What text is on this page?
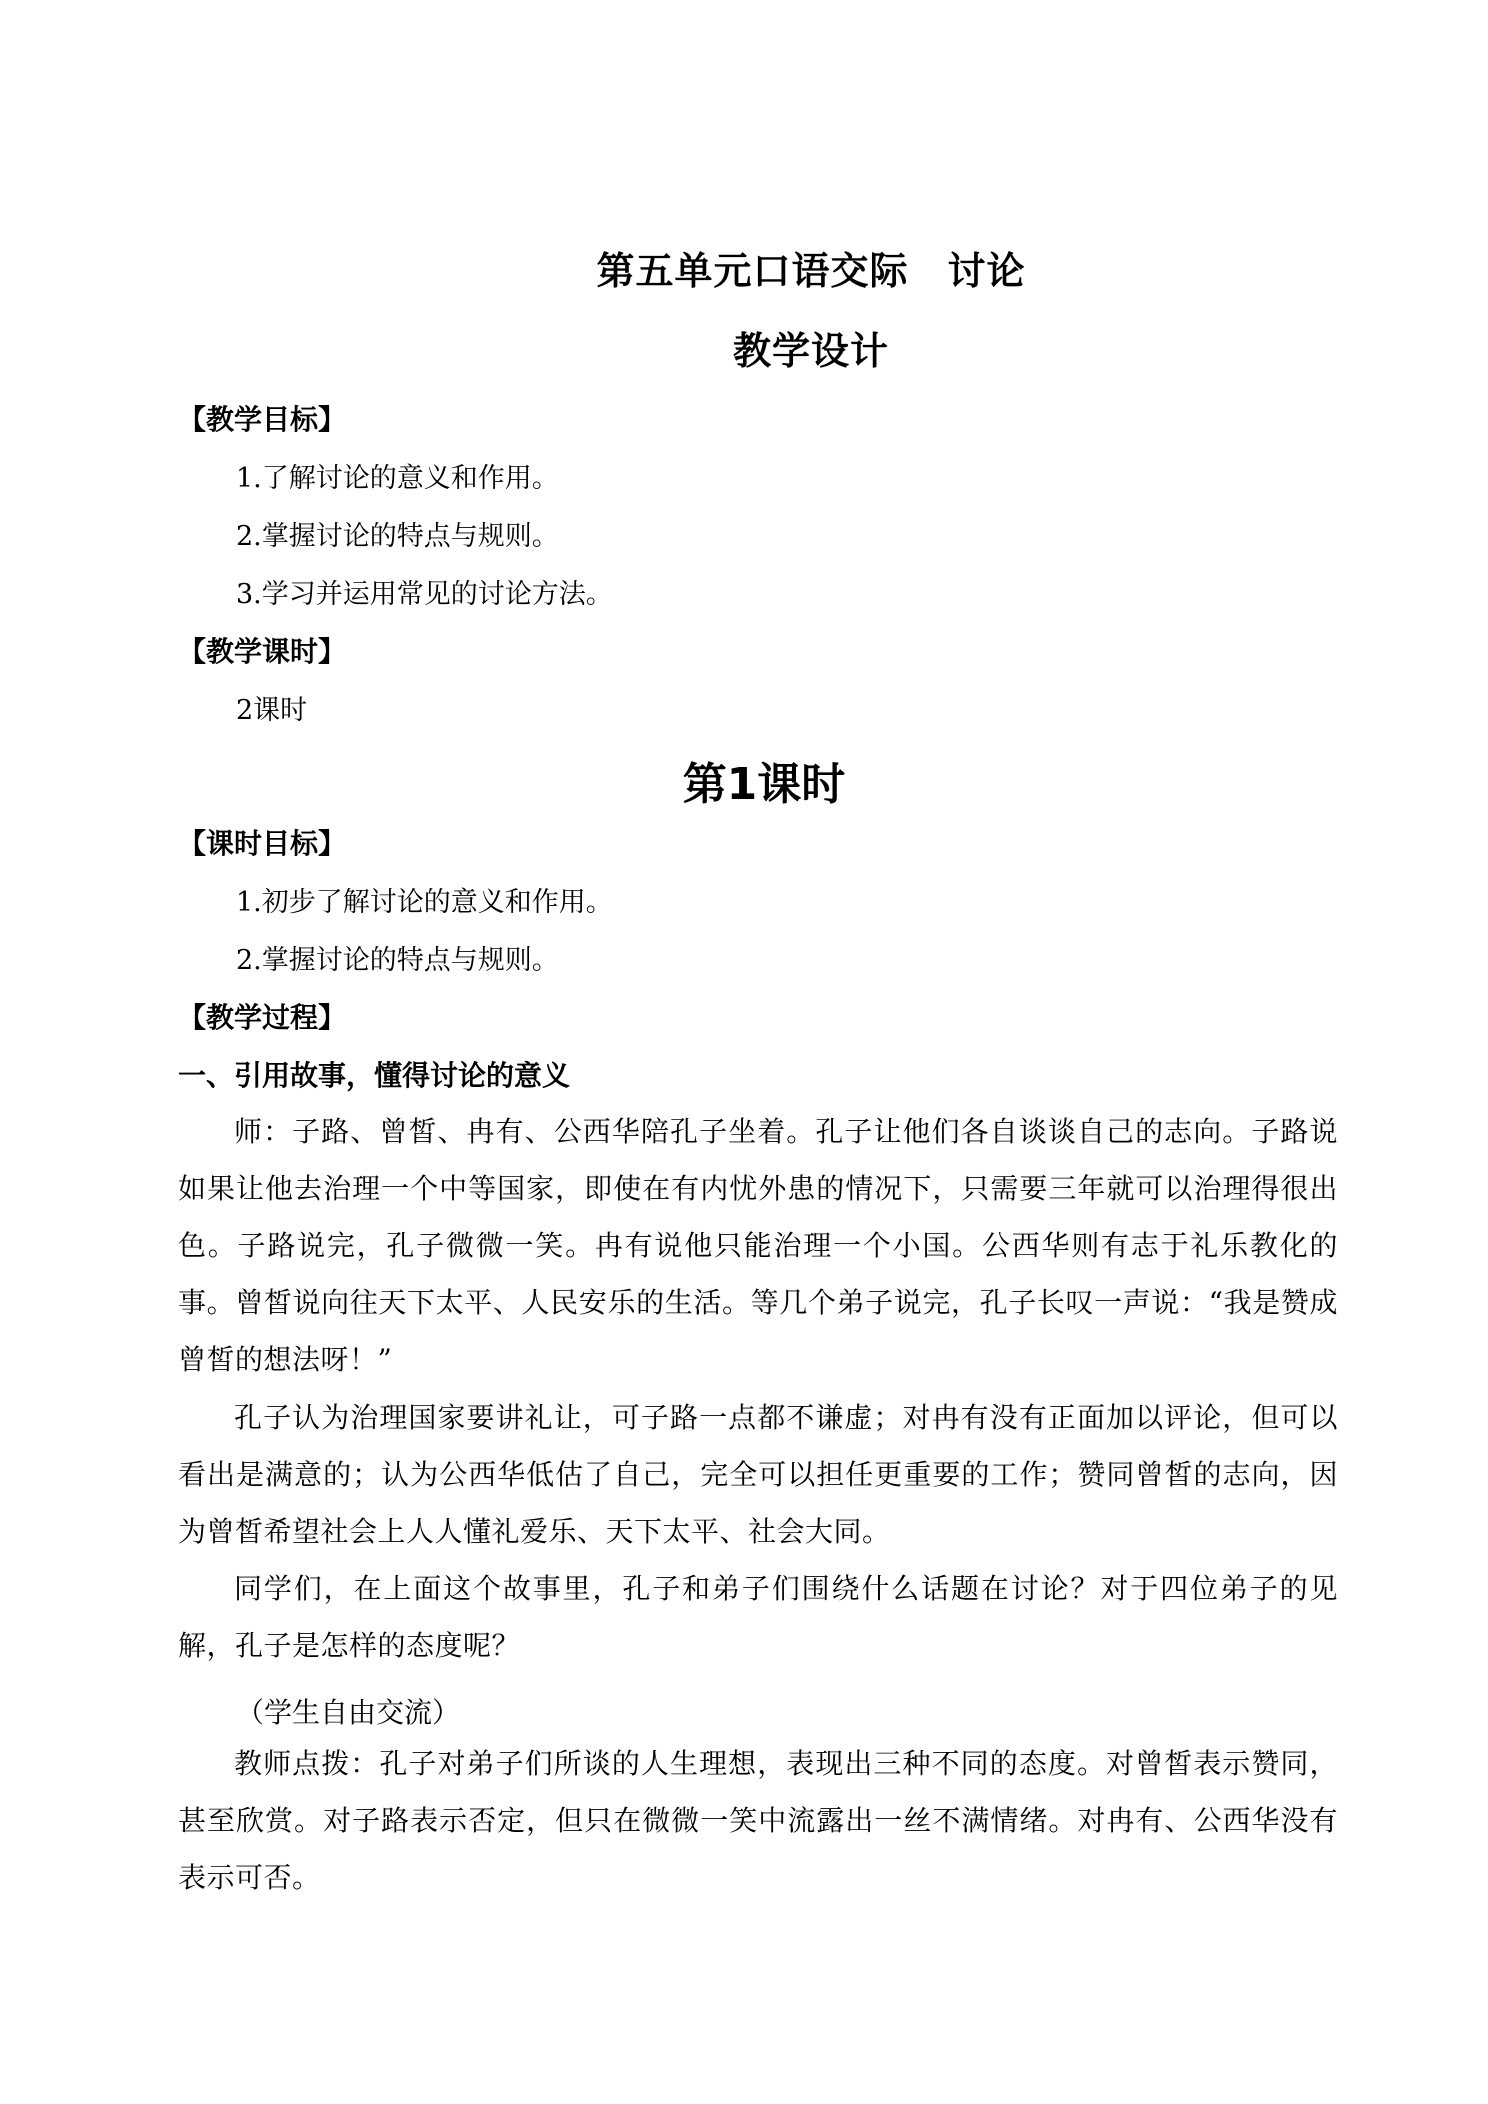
第五单元口语交际　讨论
教学设计
【教学目标】
1.了解讨论的意义和作用。
2.掌握讨论的特点与规则。
3.学习并运用常见的讨论方法。
【教学课时】
2课时
第1课时
【课时目标】
1.初步了解讨论的意义和作用。
2.掌握讨论的特点与规则。
【教学过程】
一、引用故事，懂得讨论的意义

师：子路、曾皙、冉有、公西华陪孔子坐着。孔子让他们各自谈谈自己的志向。子路说如果让他去治理一个中等国家，即使在有内忧外患的情况下，只需要三年就可以治理得很出色。子路说完，孔子微微一笑。冉有说他只能治理一个小国。公西华则有志于礼乐教化的事。曾皙说向往天下太平、人民安乐的生活。等几个弟子说完，孔子长叹一声说：“我是赞成曾皙的想法呀！”

孔子认为治理国家要讲礼让，可子路一点都不谦虚；对冉有没有正面加以评论，但可以看出是满意的；认为公西华低估了自己，完全可以担任更重要的工作；赞同曾皙的志向，因为曾皙希望社会上人人懂礼爱乐、天下太平、社会大同。

同学们，在上面这个故事里，孔子和弟子们围绕什么话题在讨论？对于四位弟子的见解，孔子是怎样的态度呢？

（学生自由交流）

教师点拨：孔子对弟子们所谈的人生理想，表现出三种不同的态度。对曾皙表示赞同，甚至欣赏。对子路表示否定，但只在微微一笑中流露出一丝不满情绪。对冉有、公西华没有表示可否。
